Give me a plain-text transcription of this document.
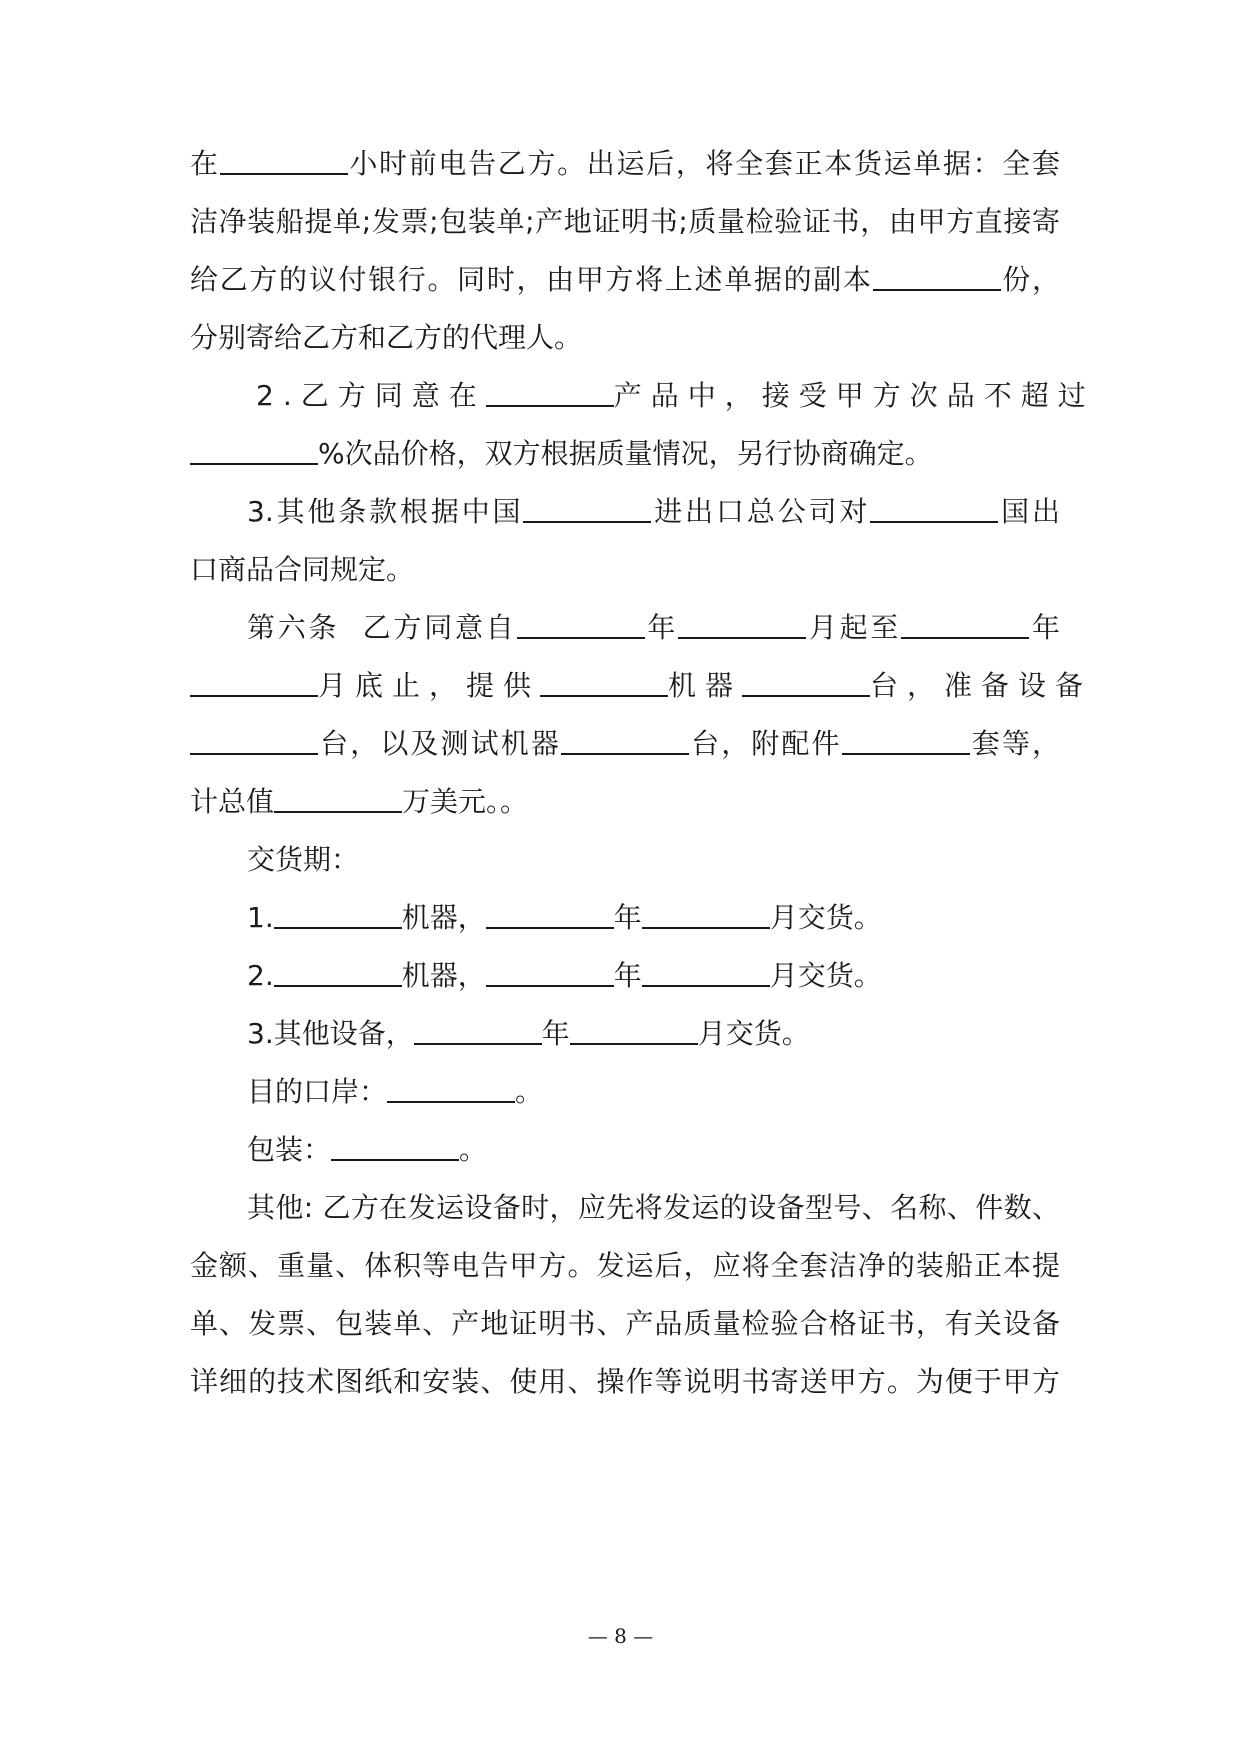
在	小时前电告乙方。出运后，将全套正本货运单据：全套
洁净装船提单;发票;包装单;产地证明书;质量检验证书，由甲方直接寄
给乙方的议付银行。同时，由甲方将上述单据的副本	份，
分别寄给乙方和乙方的代理人。
2.乙方同意在	产品中，接受甲方次品不超过
%次品价格，双方根据质量情况，另行协商确定。
3.其他条款根据中国	进出口总公司对	国出
口商品合同规定。
第六条  乙方同意自	年	月起至	年
月底止，提供	机器	台，准备设备
台，以及测试机器	台，附配件	套等，
计总值	万美元。。
交货期：
1.	机器，	年	月交货。
2.	机器，	年	月交货。
3.其他设备，	年	月交货。
目的口岸：	。
包装：	。
其他: 乙方在发运设备时，应先将发运的设备型号、名称、件数、
金额、重量、体积等电告甲方。发运后，应将全套洁净的装船正本提
单、发票、包装单、产地证明书、产品质量检验合格证书，有关设备
详细的技术图纸和安装、使用、操作等说明书寄送甲方。为便于甲方
— 8 —
